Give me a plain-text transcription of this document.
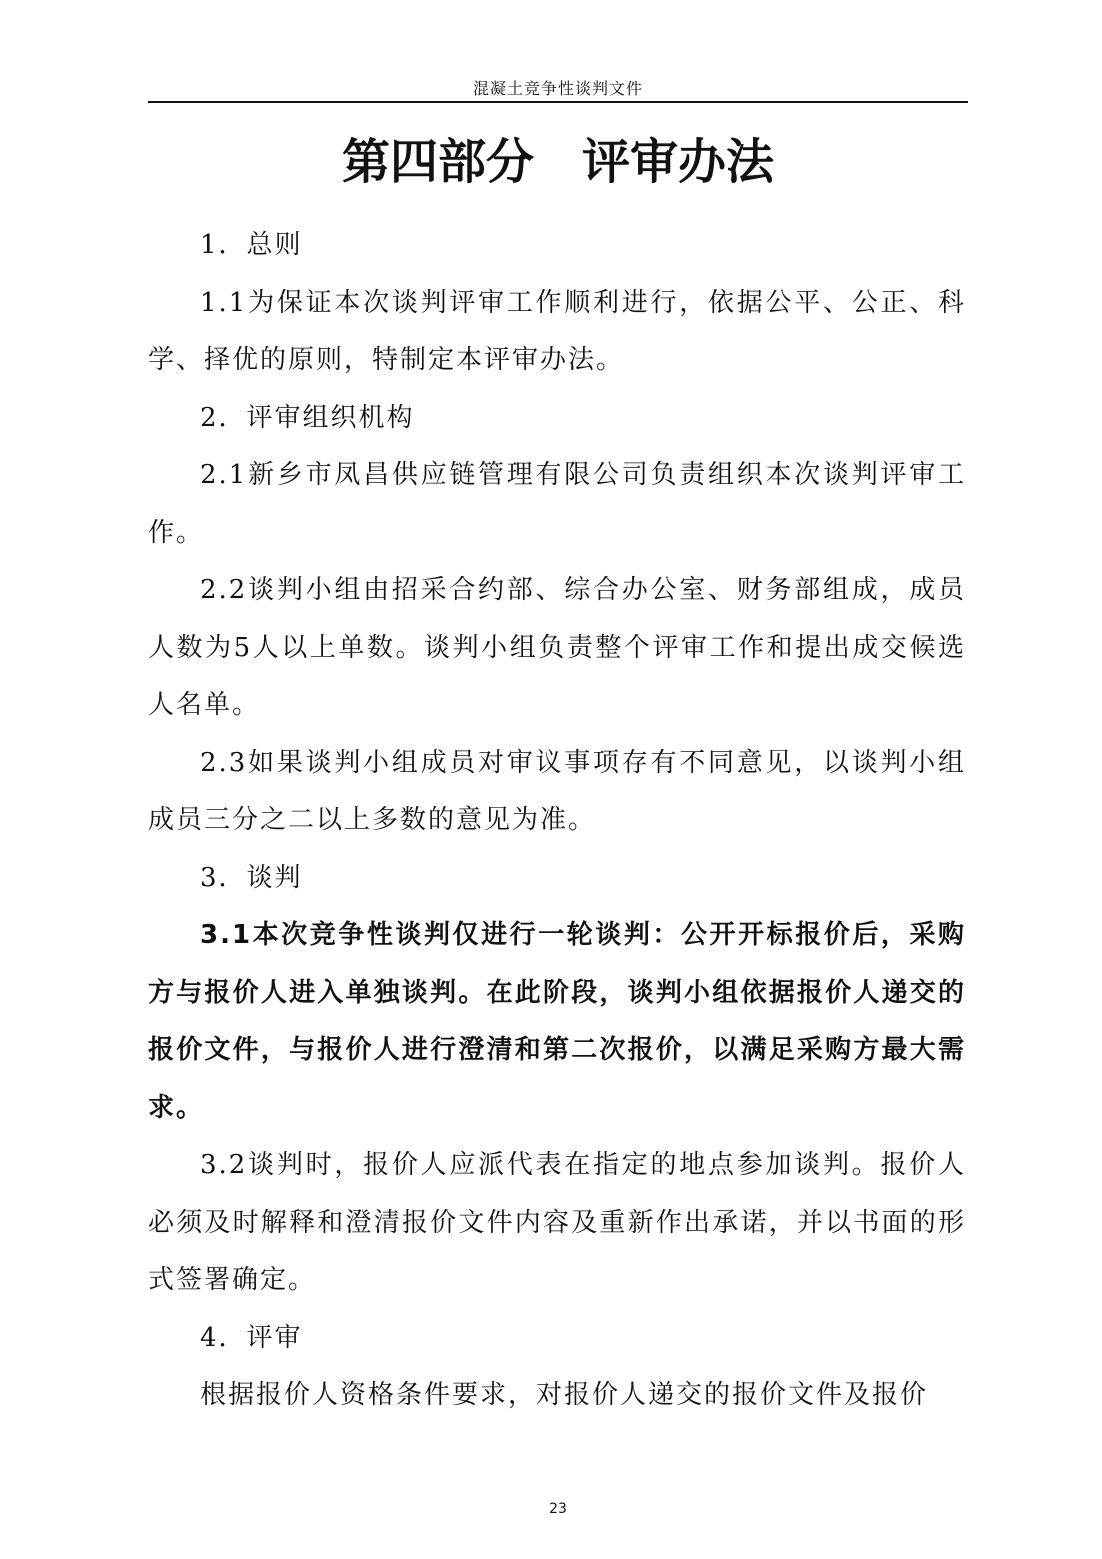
混凝土竞争性谈判文件
第四部分　评审办法

1．总则

1.1为保证本次谈判评审工作顺利进行，依据公平、公正、科学、择优的原则，特制定本评审办法。

2．评审组织机构

2.1新乡市凤昌供应链管理有限公司负责组织本次谈判评审工作。

2.2谈判小组由招采合约部、综合办公室、财务部组成，成员人数为5人以上单数。谈判小组负责整个评审工作和提出成交候选人名单。

2.3如果谈判小组成员对审议事项存有不同意见，以谈判小组成员三分之二以上多数的意见为准。

3．谈判

3.1本次竞争性谈判仅进行一轮谈判：公开开标报价后，采购方与报价人进入单独谈判。在此阶段，谈判小组依据报价人递交的报价文件，与报价人进行澄清和第二次报价，以满足采购方最大需求。

3.2谈判时，报价人应派代表在指定的地点参加谈判。报价人必须及时解释和澄清报价文件内容及重新作出承诺，并以书面的形式签署确定。

4．评审

根据报价人资格条件要求，对报价人递交的报价文件及报价

23
